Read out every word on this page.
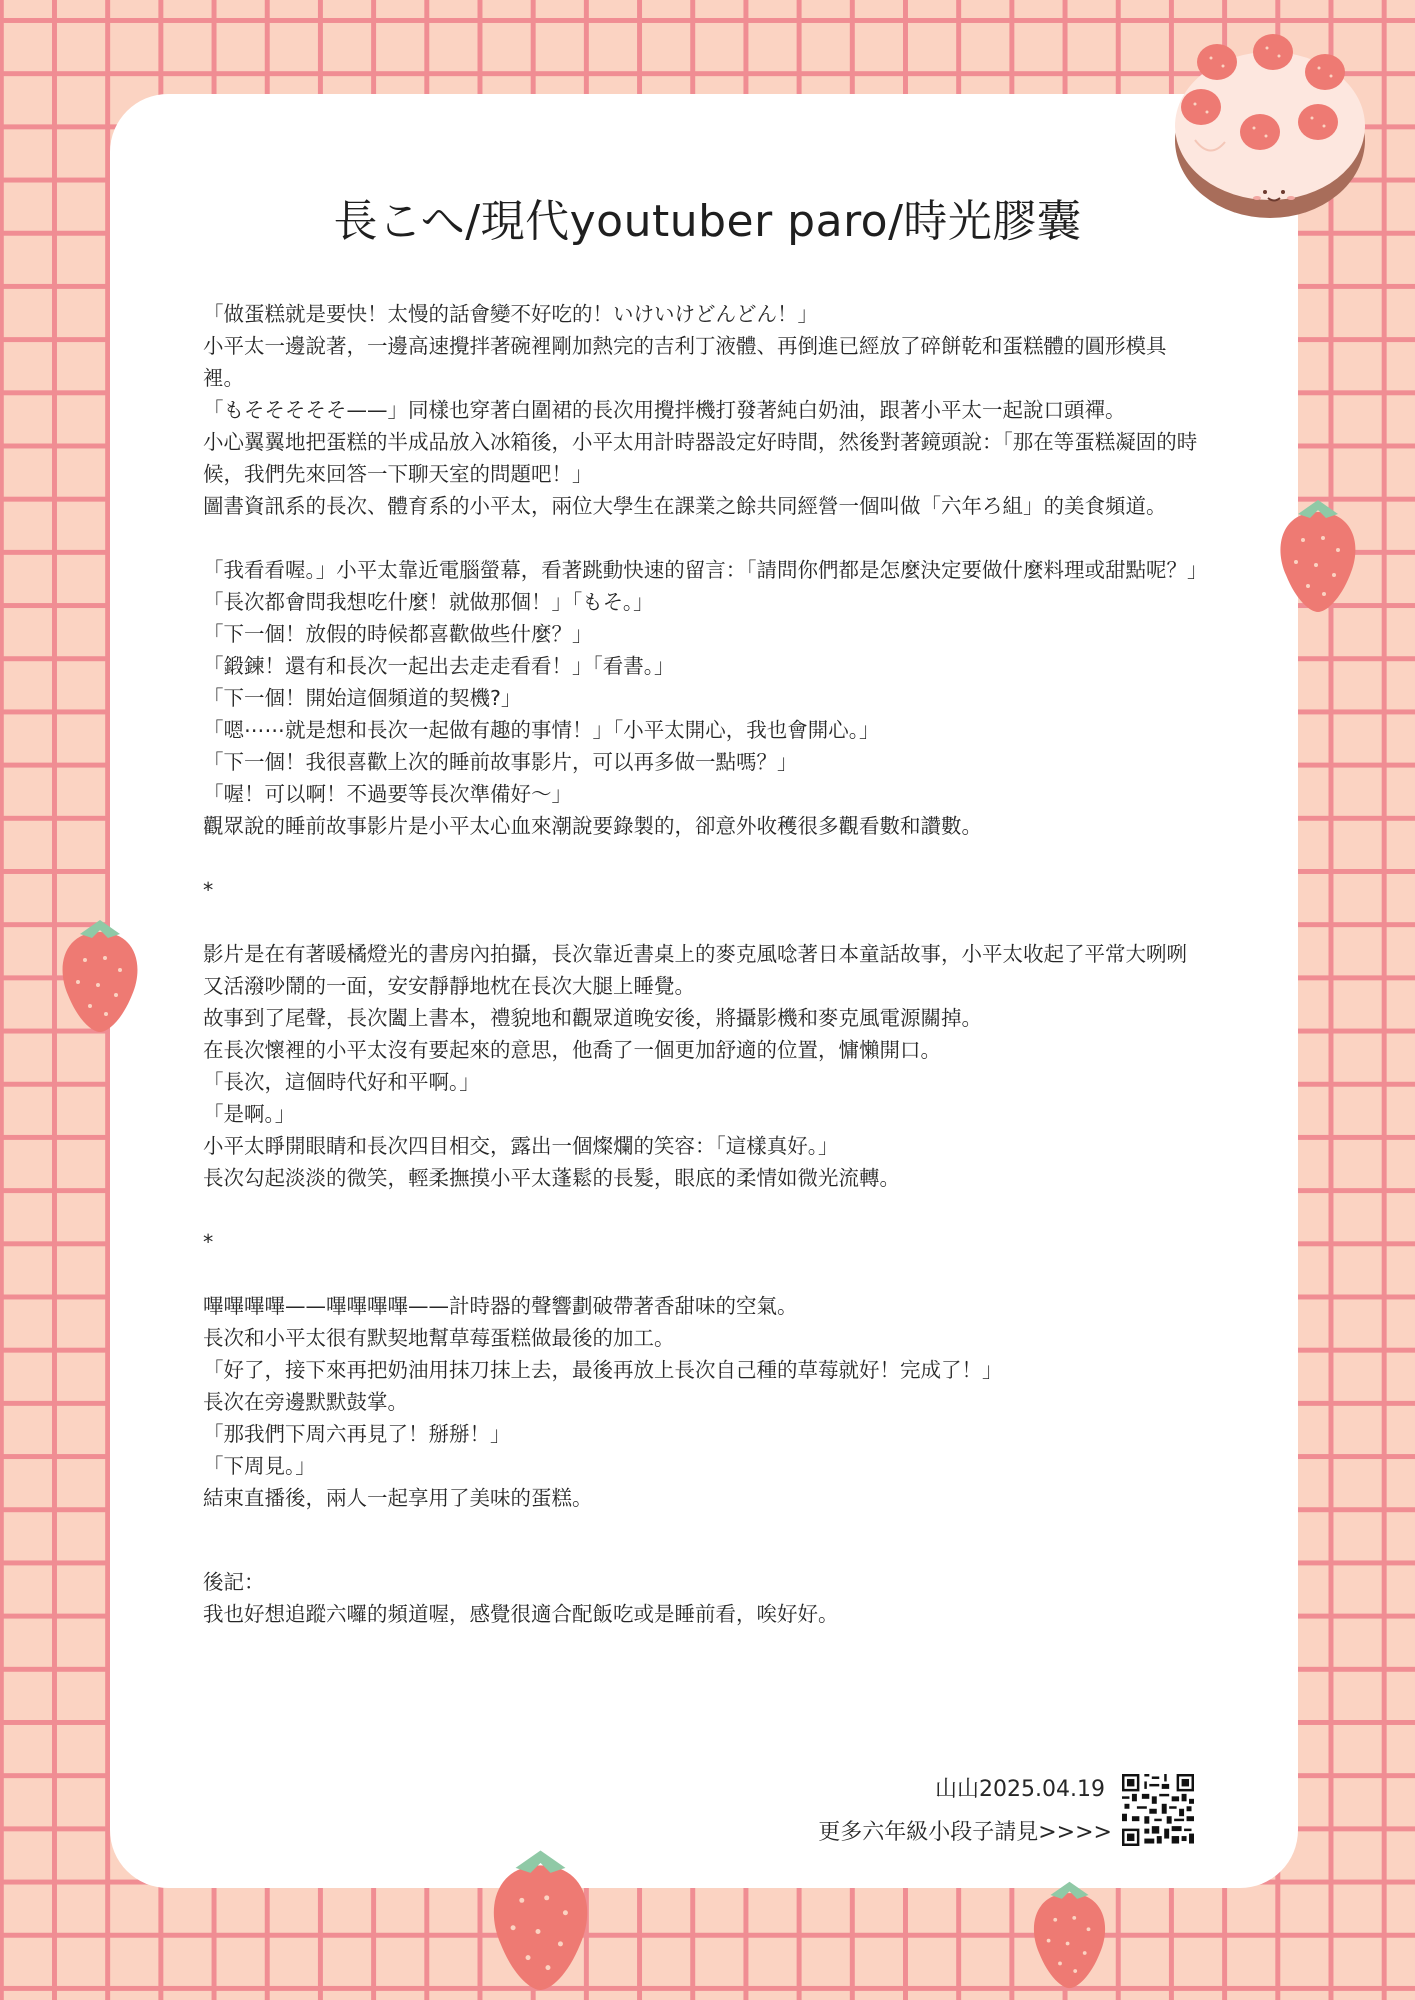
長こへ/現代youtuber paro/時光膠囊

「做蛋糕就是要快！太慢的話會變不好吃的！いけいけどんどん！」

小平太一邊說著，一邊高速攪拌著碗裡剛加熱完的吉利丁液體、再倒進已經放了碎餅乾和蛋糕體的圓形模具裡。

「もそそそそそ——」同樣也穿著白圍裙的長次用攪拌機打發著純白奶油，跟著小平太一起說口頭禪。

小心翼翼地把蛋糕的半成品放入冰箱後，小平太用計時器設定好時間，然後對著鏡頭說：「那在等蛋糕凝固的時候，我們先來回答一下聊天室的問題吧！」

圖書資訊系的長次、體育系的小平太，兩位大學生在課業之餘共同經營一個叫做「六年ろ組」的美食頻道。

「我看看喔。」小平太靠近電腦螢幕，看著跳動快速的留言：「請問你們都是怎麼決定要做什麼料理或甜點呢？」

「長次都會問我想吃什麼！就做那個！」「もそ。」

「下一個！放假的時候都喜歡做些什麼？」

「鍛鍊！還有和長次一起出去走走看看！」「看書。」

「下一個！開始這個頻道的契機?」

「嗯⋯⋯就是想和長次一起做有趣的事情！」「小平太開心，我也會開心。」

「下一個！我很喜歡上次的睡前故事影片，可以再多做一點嗎？」

「喔！可以啊！不過要等長次準備好～」

觀眾說的睡前故事影片是小平太心血來潮說要錄製的，卻意外收穫很多觀看數和讚數。

*

影片是在有著暖橘燈光的書房內拍攝，長次靠近書桌上的麥克風唸著日本童話故事，小平太收起了平常大咧咧又活潑吵鬧的一面，安安靜靜地枕在長次大腿上睡覺。

故事到了尾聲，長次闔上書本，禮貌地和觀眾道晚安後，將攝影機和麥克風電源關掉。

在長次懷裡的小平太沒有要起來的意思，他喬了一個更加舒適的位置，慵懶開口。

「長次，這個時代好和平啊。」

「是啊。」

小平太睜開眼睛和長次四目相交，露出一個燦爛的笑容：「這樣真好。」

長次勾起淡淡的微笑，輕柔撫摸小平太蓬鬆的長髮，眼底的柔情如微光流轉。

*

嗶嗶嗶嗶——嗶嗶嗶嗶——計時器的聲響劃破帶著香甜味的空氣。

長次和小平太很有默契地幫草莓蛋糕做最後的加工。

「好了，接下來再把奶油用抹刀抹上去，最後再放上長次自己種的草莓就好！完成了！」

長次在旁邊默默鼓掌。

「那我們下周六再見了！掰掰！」

「下周見。」

結束直播後，兩人一起享用了美味的蛋糕。

後記：

我也好想追蹤六囉的頻道喔，感覺很適合配飯吃或是睡前看，唉好好。

山山2025.04.19
更多六年級小段子請見>>>>
